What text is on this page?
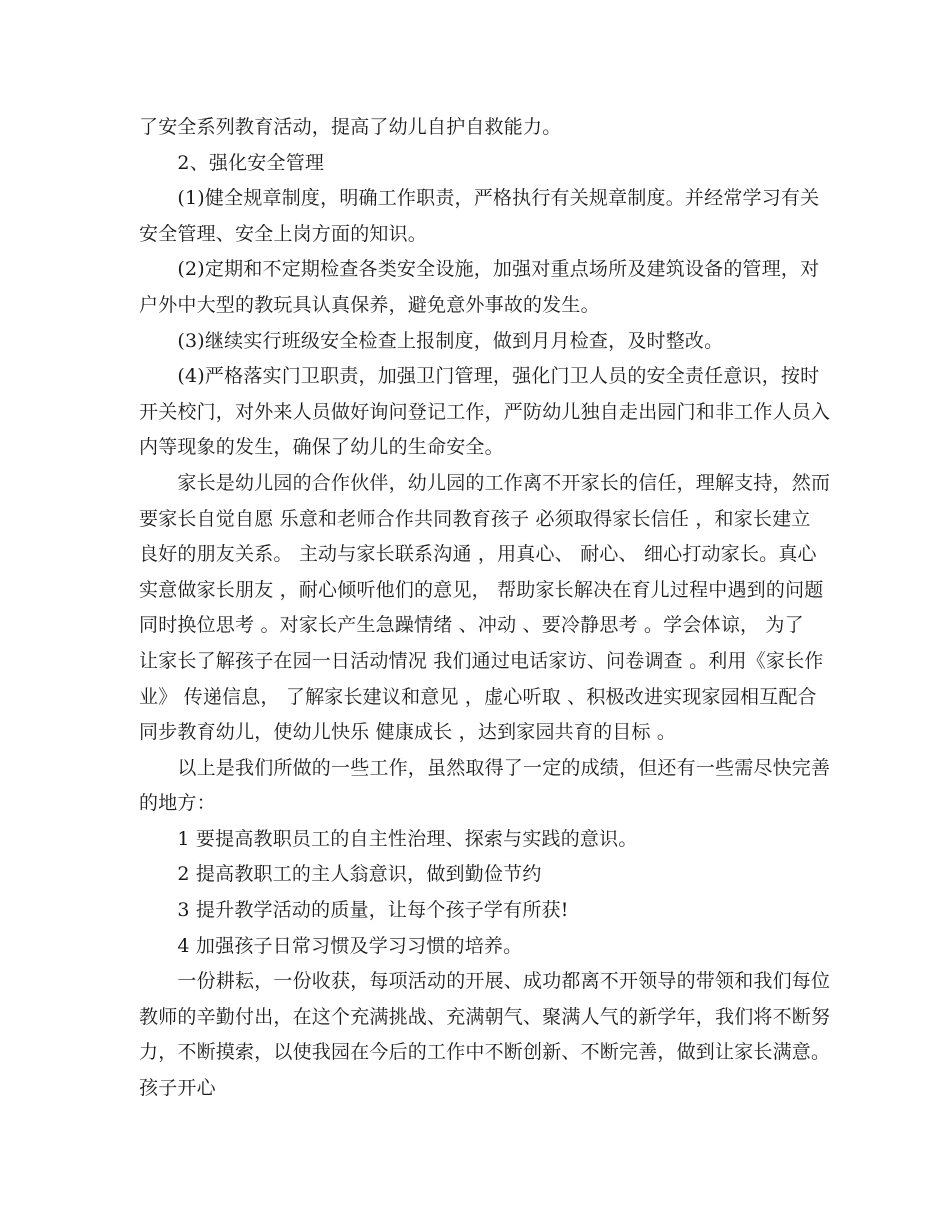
了安全系列教育活动，提高了幼儿自护自救能力。
　　2、强化安全管理
　　(1)健全规章制度，明确工作职责，严格执行有关规章制度。并经常学习有关
安全管理、安全上岗方面的知识。
　　(2)定期和不定期检查各类安全设施，加强对重点场所及建筑设备的管理，对
户外中大型的教玩具认真保养，避免意外事故的发生。
　　(3)继续实行班级安全检查上报制度，做到月月检查，及时整改。
　　(4)严格落实门卫职责，加强卫门管理，强化门卫人员的安全责任意识，按时
开关校门，对外来人员做好询问登记工作，严防幼儿独自走出园门和非工作人员入
内等现象的发生，确保了幼儿的生命安全。
　　家长是幼儿园的合作伙伴，幼儿园的工作离不开家长的信任，理解支持，然而
要家长自觉自愿 乐意和老师合作共同教育孩子 必须取得家长信任 ，和家长建立
良好的朋友关系。 主动与家长联系沟通 ，用真心、 耐心、 细心打动家长。真心
实意做家长朋友 ，耐心倾听他们的意见， 帮助家长解决在育儿过程中遇到的问题
同时换位思考 。对家长产生急躁情绪 、冲动 、要冷静思考 。学会体谅， 为了
让家长了解孩子在园一日活动情况 我们通过电话家访、问卷调查 。利用《家长作
业》 传递信息， 了解家长建议和意见 ，虚心听取 、积极改进实现家园相互配合
同步教育幼儿，使幼儿快乐 健康成长 ，达到家园共育的目标 。
　　以上是我们所做的一些工作，虽然取得了一定的成绩，但还有一些需尽快完善
的地方：
　　1 要提高教职员工的自主性治理、探索与实践的意识。
　　2 提高教职工的主人翁意识，做到勤俭节约
　　3 提升教学活动的质量，让每个孩子学有所获!
　　4 加强孩子日常习惯及学习习惯的培养。
　　一份耕耘，一份收获，每项活动的开展、成功都离不开领导的带领和我们每位
教师的辛勤付出，在这个充满挑战、充满朝气、聚满人气的新学年，我们将不断努
力，不断摸索，以使我园在今后的工作中不断创新、不断完善，做到让家长满意。
孩子开心
